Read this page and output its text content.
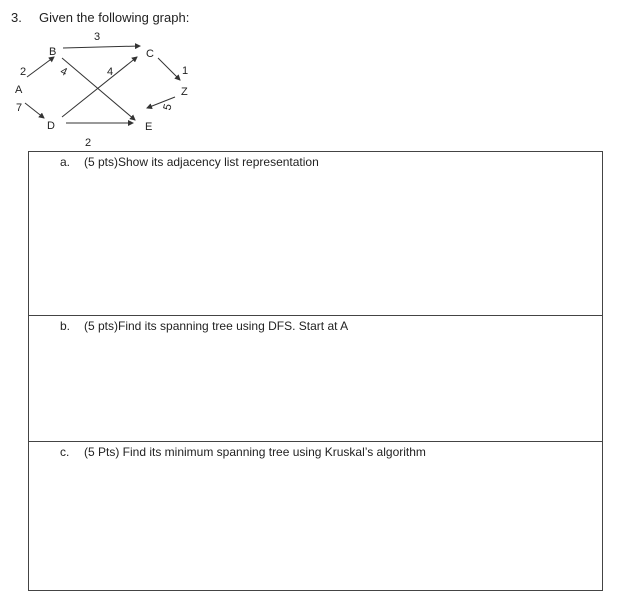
3. Given the following graph:
A
B	C
D	E
Z
2
7
3
4	4
2
1
5
a. (5 pts)Show its adjacency list representation
b. (5 pts)Find its spanning tree using DFS. Start at A
c. (5 Pts) Find its minimum spanning tree using Kruskal’s algorithm
